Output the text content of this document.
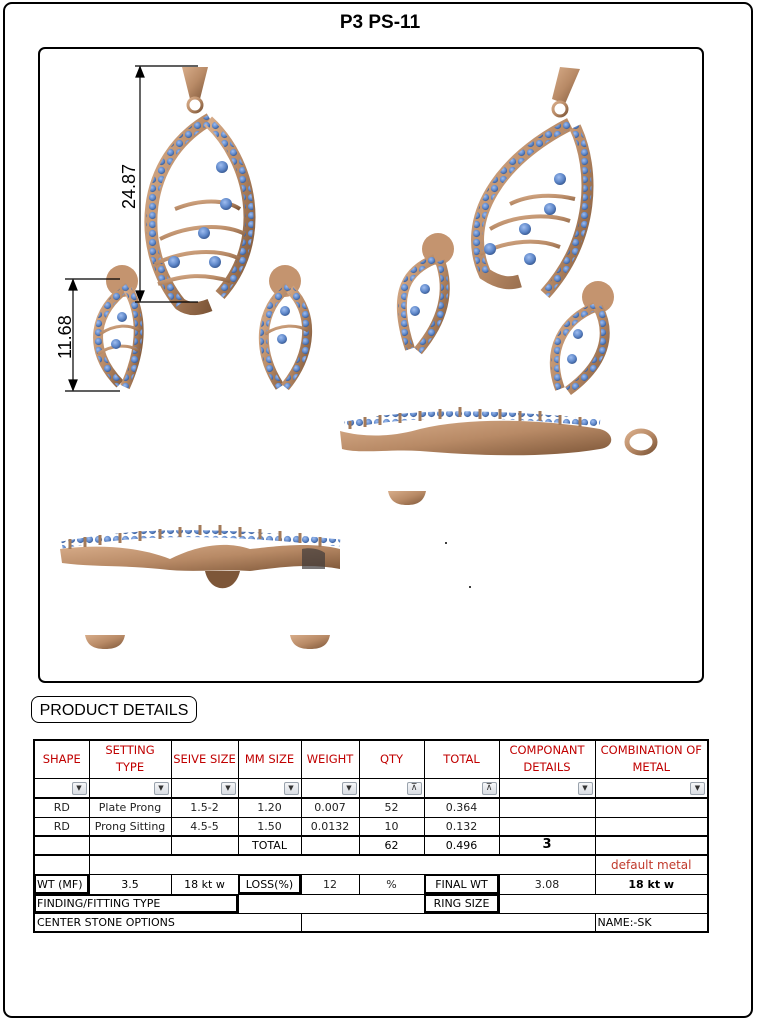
P3 PS-11
24.87
11.68
PRODUCT DETAILS
SHAPE	SETTING TYPE	SEIVE SIZE	MM SIZE	WEIGHT	QTY	TOTAL	COMPONANT DETAILS	COMBINATION OF METAL

▼	▼	▼	▼	▼	⊼	⊼	▼	▼

RD	Plate Prong	1.5-2	1.20	0.007	52	0.364		
RD	Prong Sitting	4.5-5	1.50	0.0132	10	0.132		
			TOTAL		62	0.496	3	
								default metal
WT (MF)	3.5	18 kt w	LOSS(%)	12	%	FINAL WT	3.08	18 kt w
FINDING/FITTING TYPE						RING SIZE		
CENTER STONE OPTIONS								NAME:-SK
